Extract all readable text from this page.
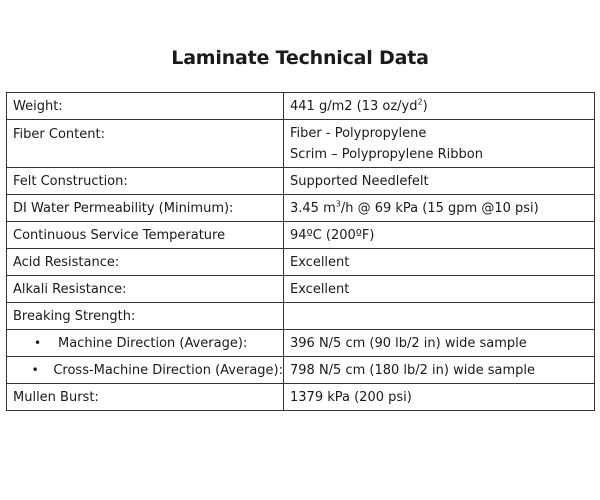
Laminate Technical Data
Weight:	441 g/m2 (13 $oz/yd^2$)
Fiber Content:	Fiber - Polypropylene
Scrim – Polypropylene Ribbon

Felt Construction:	Supported Needlefelt
DI Water Permeability (Minimum):	3.45 $m^3/h$ @ 69 kPa (15 gpm @10 psi)
Continuous Service Temperature	94ºC (200ºF)
Acid Resistance:	Excellent
Alkali Resistance:	Excellent
Breaking Strength:	

• Machine Direction (Average):	396 N/5 cm (90 lb/2 in) wide sample

• Cross-Machine Direction (Average):	798 N/5 cm (180 lb/2 in) wide sample
Mullen Burst:	1379 kPa (200 psi)
